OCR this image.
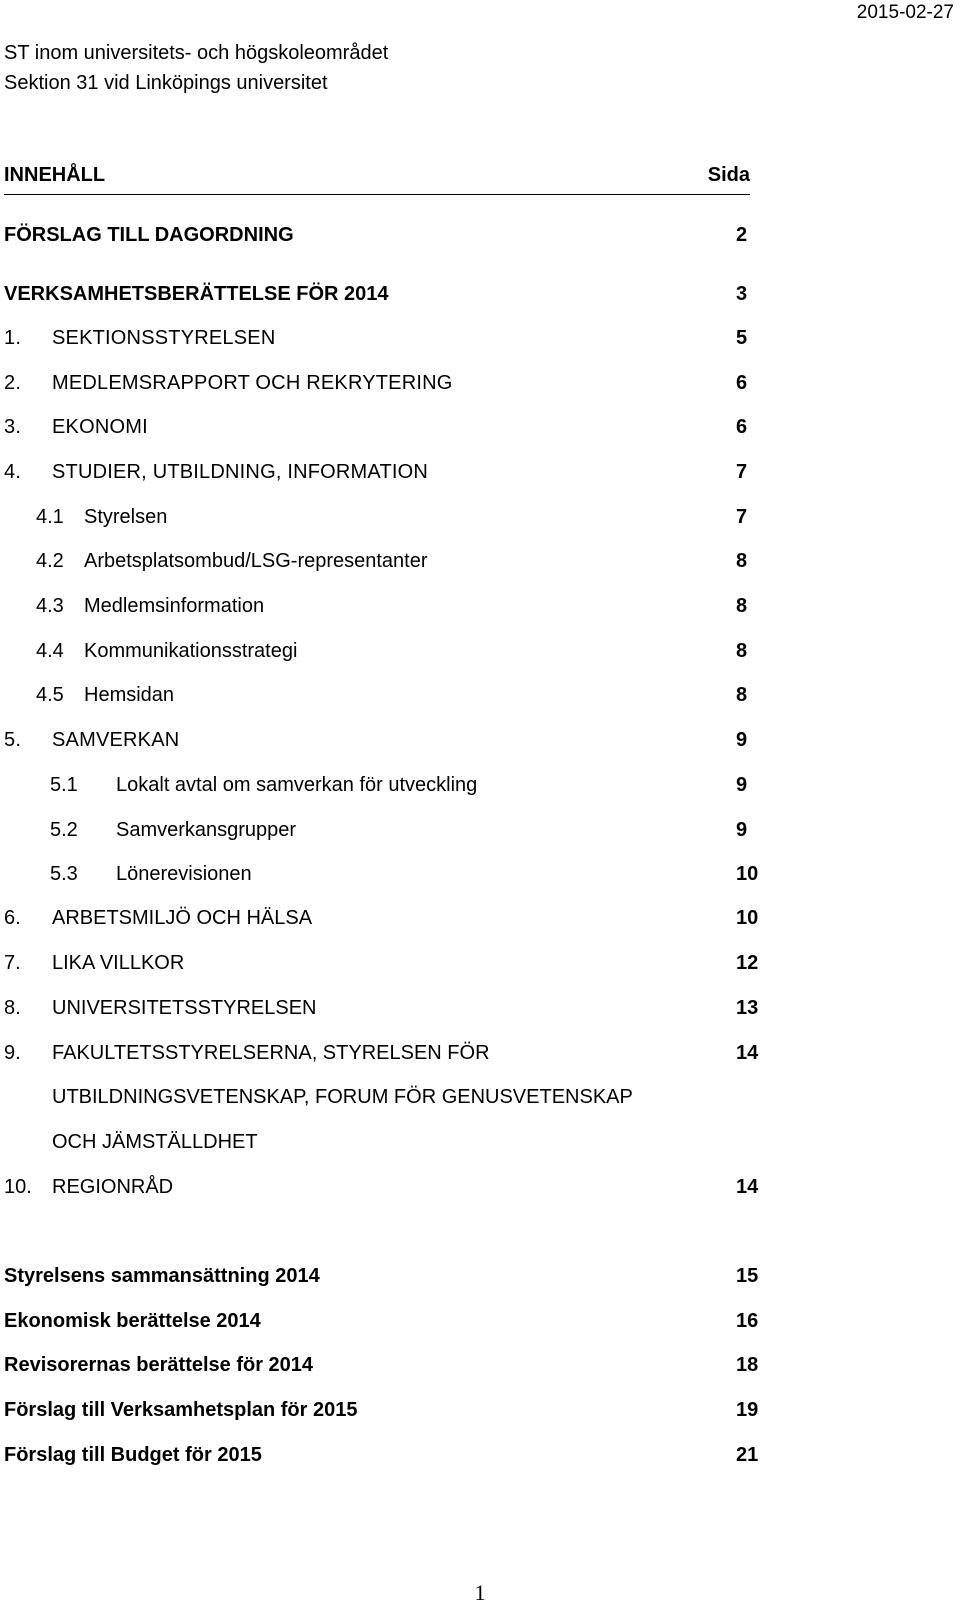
2015-02-27
ST inom universitets- och högskoleområdet
Sektion 31 vid Linköpings universitet
INNEHÅLL	Sida
FÖRSLAG TILL DAGORDNING	2
VERKSAMHETSBERÄTTELSE FÖR 2014	3
1. SEKTIONSSTYRELSEN	5
2. MEDLEMSRAPPORT OCH REKRYTERING	6
3. EKONOMI	6
4. STUDIER, UTBILDNING, INFORMATION	7
4.1 Styrelsen	7
4.2 Arbetsplatsombud/LSG-representanter	8
4.3 Medlemsinformation	8
4.4 Kommunikationsstrategi	8
4.5 Hemsidan	8
5. SAMVERKAN	9
5.1 Lokalt avtal om samverkan för utveckling	9
5.2 Samverkansgrupper	9
5.3 Lönerevisionen	10
6. ARBETSMILJÖ OCH HÄLSA	10
7. LIKA VILLKOR	12
8. UNIVERSITETSSTYRELSEN	13
9. FAKULTETSSTYRELSERNA, STYRELSEN FÖR	14
UTBILDNINGSVETENSKAP, FORUM FÖR GENUSVETENSKAP
OCH JÄMSTÄLLDHET
10. REGIONRÅD	14
Styrelsens sammansättning 2014	15
Ekonomisk berättelse 2014	16
Revisorernas berättelse för 2014	18
Förslag till Verksamhetsplan för 2015	19
Förslag till Budget för 2015	21
1
